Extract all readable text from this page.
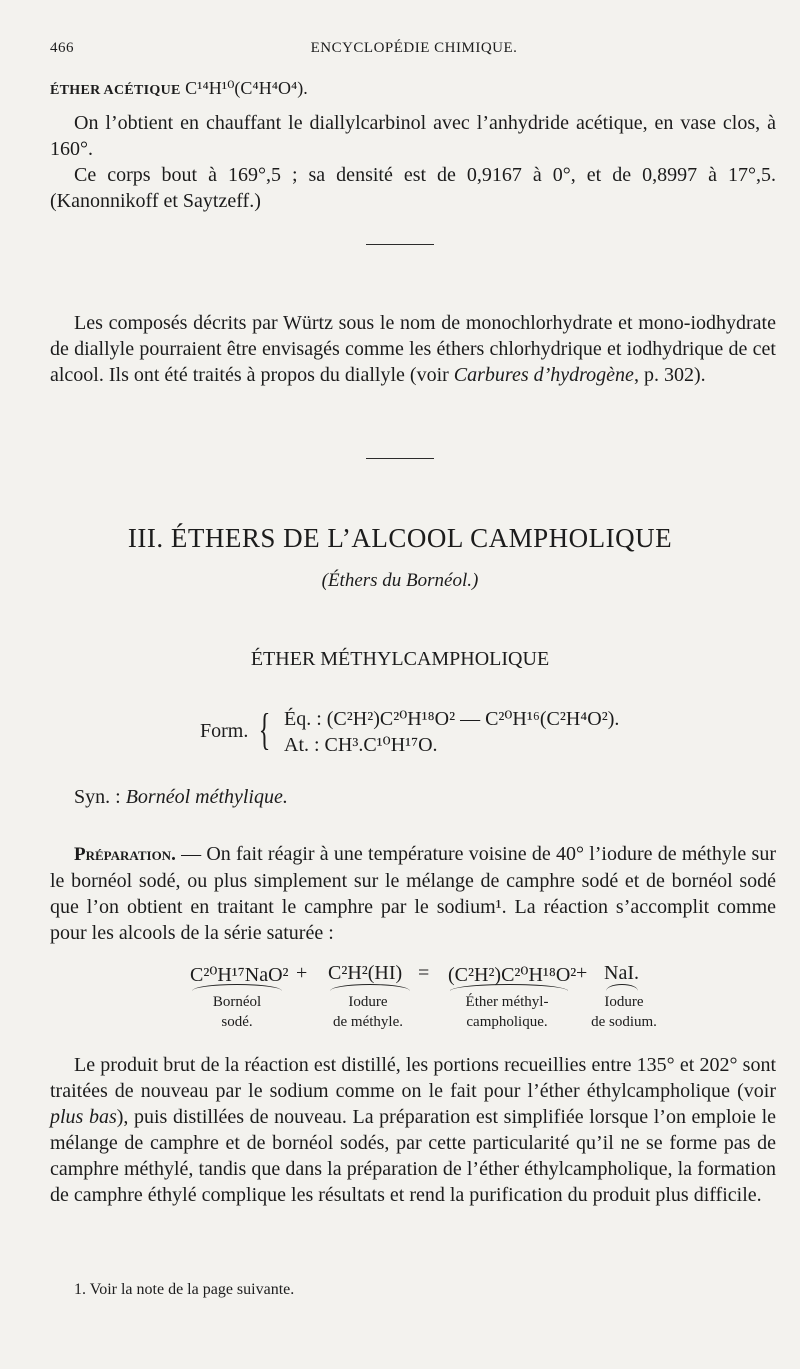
466	ENCYCLOPÉDIE CHIMIQUE.
ÉTHER ACÉTIQUE C¹⁴H¹⁰(C⁴H⁴O⁴).
On l’obtient en chauffant le diallylcarbinol avec l’anhydride acétique, en vase clos, à 160°.
Ce corps bout à 169°,5 ; sa densité est de 0,9167 à 0°, et de 0,8997 à 17°,5. (Kanonnikoff et Saytzeff.)
Les composés décrits par Würtz sous le nom de monochlorhydrate et mono-iodhydrate de diallyle pourraient être envisagés comme les éthers chlorhydrique et iodhydrique de cet alcool. Ils ont été traités à propos du diallyle (voir Carbures d’hydrogène, p. 302).
III. ÉTHERS DE L’ALCOOL CAMPHOLIQUE
(Éthers du Bornéol.)
ÉTHER MÉTHYLCAMPHOLIQUE
Form. { Éq. : (C²H²)C²⁰H¹⁸O² — C²⁰H¹⁶(C²H⁴O²).
At. : CH³.C¹⁰H¹⁷O.
Syn. : Bornéol méthylique.
Préparation. — On fait réagir à une température voisine de 40° l’iodure de méthyle sur le bornéol sodé, ou plus simplement sur le mélange de camphre sodé et de bornéol sodé que l’on obtient en traitant le camphre par le sodium¹. La réaction s’accomplit comme pour les alcools de la série saturée :
C²⁰H¹⁷NaO² + C²H²(HI) = (C²H²)C²⁰H¹⁸O² + NaI.
Bornéol
sodé.
Iodure
de méthyle.
Éther méthyl-
campholique.
Iodure
de sodium.
Le produit brut de la réaction est distillé, les portions recueillies entre 135° et 202° sont traitées de nouveau par le sodium comme on le fait pour l’éther éthylcampholique (voir plus bas), puis distillées de nouveau. La préparation est simplifiée lorsque l’on emploie le mélange de camphre et de bornéol sodés, par cette particularité qu’il ne se forme pas de camphre méthylé, tandis que dans la préparation de l’éther éthylcampholique, la formation de camphre éthylé complique les résultats et rend la purification du produit plus difficile.
1. Voir la note de la page suivante.
